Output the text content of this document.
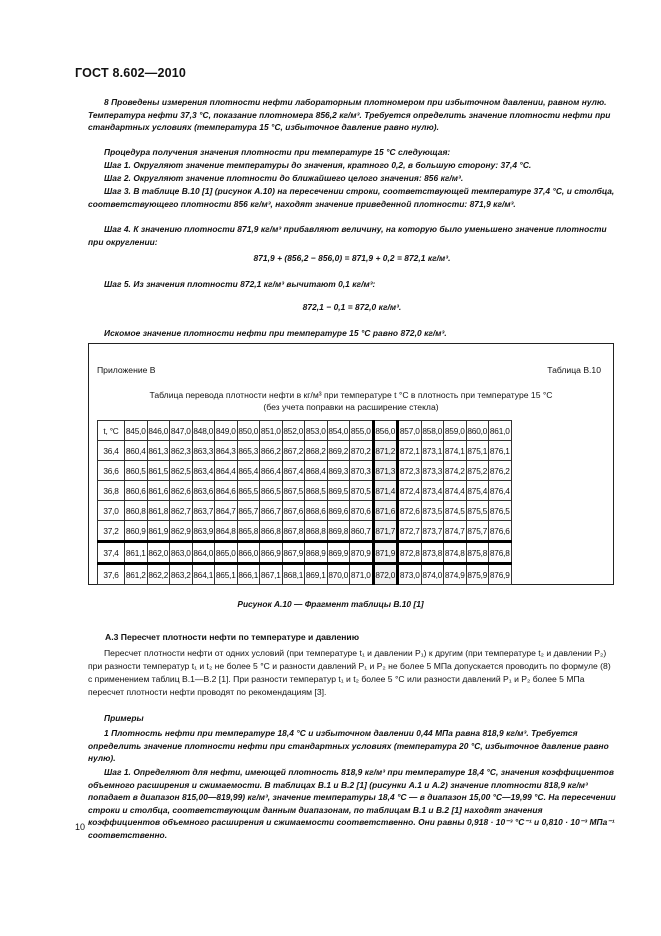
ГОСТ 8.602—2010

8 Проведены измерения плотности нефти лабораторным плотномером при избыточном давлении, равном нулю. Температура нефти 37,3 °С, показание плотномера 856,2 кг/м³. Требуется определить значение плотности нефти при стандартных условиях (температура 15 °С, избыточное давление равно нулю).

Процедура получения значения плотности при температуре 15 °С следующая:

Шаг 1. Округляют значение температуры до значения, кратного 0,2, в большую сторону: 37,4 °С.

Шаг 2. Округляют значение плотности до ближайшего целого значения: 856 кг/м³.

Шаг 3. В таблице В.10 [1] (рисунок А.10) на пересечении строки, соответствующей температуре 37,4 °С, и столбца, соответствующего плотности 856 кг/м³, находят значение приведенной плотности: 871,9 кг/м³.

Шаг 4. К значению плотности 871,9 кг/м³ прибавляют величину, на которую было уменьшено значение плотности при округлении:

871,9 + (856,2 − 856,0) = 871,9 + 0,2 = 872,1 кг/м³.

Шаг 5. Из значения плотности 872,1 кг/м³ вычитают 0,1 кг/м³:

872,1 − 0,1 = 872,0 кг/м³.

Искомое значение плотности нефти при температуре 15 °С равно 872,0 кг/м³.

Приложение В	Таблица В.10
Таблица перевода плотности нефти в кг/м³ при температуре t °С в плотность при температуре 15 °С
(без учета поправки на расширение стекла)
t, °С	845,0	846,0	847,0	848,0	849,0	850,0	851,0	852,0	853,0	854,0	855,0	856,0	857,0	858,0	859,0	860,0	861,0
36,4	860,4	861,3	862,3	863,3	864,3	865,3	866,2	867,2	868,2	869,2	870,2	871,2	872,1	873,1	874,1	875,1	876,1
36,6	860,5	861,5	862,5	863,4	864,4	865,4	866,4	867,4	868,4	869,3	870,3	871,3	872,3	873,3	874,2	875,2	876,2
36,8	860,6	861,6	862,6	863,6	864,6	865,5	866,5	867,5	868,5	869,5	870,5	871,4	872,4	873,4	874,4	875,4	876,4
37,0	860,8	861,8	862,7	863,7	864,7	865,7	866,7	867,6	868,6	869,6	870,6	871,6	872,6	873,5	874,5	875,5	876,5
37,2	860,9	861,9	862,9	863,9	864,8	865,8	866,8	867,8	868,8	869,8	860,7	871,7	872,7	873,7	874,7	875,7	876,6
37,4	861,1	862,0	863,0	864,0	865,0	866,0	866,9	867,9	868,9	869,9	870,9	871,9	872,8	873,8	874,8	875,8	876,8
37,6	861,2	862,2	863,2	864,1	865,1	866,1	867,1	868,1	869,1	870,0	871,0	872,0	873,0	874,0	874,9	875,9	876,9
Рисунок А.10 — Фрагмент таблицы В.10 [1]
А.3 Пересчет плотности нефти по температуре и давлению

Пересчет плотности нефти от одних условий (при температуре t₁ и давлении P₁) к другим (при температуре t₂ и давлении P₂) при разности температур t₁ и t₂ не более 5 °С и разности давлений P₁ и P₂ не более 5 МПа допускается проводить по формуле (8) с применением таблиц В.1—В.2 [1]. При разности температур t₁ и t₂ более 5 °С или разности давлений P₁ и P₂ более 5 МПа пересчет плотности нефти проводят по рекомендациям [3].

Примеры

1 Плотность нефти при температуре 18,4 °С и избыточном давлении 0,44 МПа равна 818,9 кг/м³. Требуется определить значение плотности нефти при стандартных условиях (температура 20 °С, избыточное давление равно нулю).

Шаг 1. Определяют для нефти, имеющей плотность 818,9 кг/м³ при температуре 18,4 °С, значения коэффициентов объемного расширения и сжимаемости. В таблицах В.1 и В.2 [1] (рисунки А.1 и А.2) значение плотности 818,9 кг/м³ попадает в диапазон 815,00—819,99) кг/м³, значение температуры 18,4 °С — в диапазон 15,00 °С—19,99 °С. На пересечении строки и столбца, соответствующим данным диапазонам, по таблицам В.1 и В.2 [1] находят значения коэффициентов объемного расширения и сжимаемости соответственно. Они равны 0,918 · 10⁻³ °С⁻¹ и 0,810 · 10⁻³ МПа⁻¹ соответственно.

10
